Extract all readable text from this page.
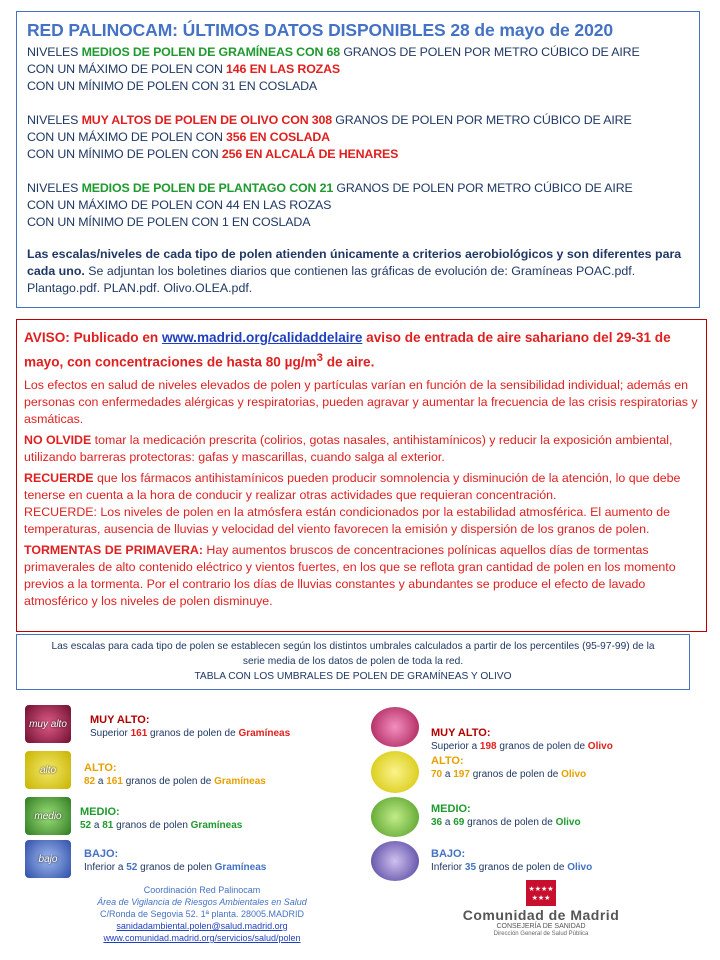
RED PALINOCAM: ÚLTIMOS DATOS DISPONIBLES 28 de mayo de 2020
NIVELES MEDIOS DE POLEN DE GRAMÍNEAS CON 68 GRANOS DE POLEN POR METRO CÚBICO DE AIRE
CON UN MÁXIMO DE POLEN CON 146 EN LAS ROZAS
CON UN MÍNIMO DE POLEN CON 31 EN COSLADA
NIVELES MUY ALTOS DE POLEN DE OLIVO CON 308 GRANOS DE POLEN POR METRO CÚBICO DE AIRE
CON UN MÁXIMO DE POLEN CON 356 EN COSLADA
CON UN MÍNIMO DE POLEN CON 256 EN ALCALÁ DE HENARES
NIVELES MEDIOS DE POLEN DE PLANTAGO CON 21 GRANOS DE POLEN POR METRO CÚBICO DE AIRE
CON UN MÁXIMO DE POLEN CON 44 EN LAS ROZAS
CON UN MÍNIMO DE POLEN CON 1 EN COSLADA
Las escalas/niveles de cada tipo de polen atienden únicamente a criterios aerobiológicos y son diferentes para cada uno. Se adjuntan los boletines diarios que contienen las gráficas de evolución de: Gramíneas POAC.pdf. Plantago.pdf. PLAN.pdf. Olivo.OLEA.pdf.
AVISO: Publicado en www.madrid.org/calidaddelaire aviso de entrada de aire sahariano del 29-31 de mayo, con concentraciones de hasta 80 $\mu g/m^3$ de aire.

Los efectos en salud de niveles elevados de polen y partículas varían en función de la sensibilidad individual; además en personas con enfermedades alérgicas y respiratorias, pueden agravar y aumentar la frecuencia de las crisis respiratorias y asmáticas.

NO OLVIDE tomar la medicación prescrita (colirios, gotas nasales, antihistamínicos) y reducir la exposición ambiental, utilizando barreras protectoras: gafas y mascarillas, cuando salga al exterior.

RECUERDE que los fármacos antihistamínicos pueden producir somnolencia y disminución de la atención, lo que debe tenerse en cuenta a la hora de conducir y realizar otras actividades que requieran concentración.

RECUERDE: Los niveles de polen en la atmósfera están condicionados por la estabilidad atmosférica. El aumento de temperaturas, ausencia de lluvias y velocidad del viento favorecen la emisión y dispersión de los granos de polen.

TORMENTAS DE PRIMAVERA: Hay aumentos bruscos de concentraciones polínicas aquellos días de tormentas primaverales de alto contenido eléctrico y vientos fuertes, en los que se reflota gran cantidad de polen en los momento previos a la tormenta. Por el contrario los días de lluvias constantes y abundantes se produce el efecto de lavado atmosférico y los niveles de polen disminuye.

Las escalas para cada tipo de polen se establecen según los distintos umbrales calculados a partir de los percentiles (95-97-99) de la serie media de los datos de polen de toda la red.
TABLA CON LOS UMBRALES DE POLEN DE GRAMÍNEAS Y OLIVO
muy alto	MUY ALTO:
Superior 161 granos de polen de Gramíneas
alto	ALTO:
82 a 161 granos de polen de Gramíneas
medio	MEDIO:
52 a 81 granos de polen Gramíneas
bajo	BAJO:
Inferior a 52 granos de polen Gramíneas
MUY ALTO:
Superior a 198 granos de polen de Olivo
ALTO:
70 a 197 granos de polen de Olivo
MEDIO:
36 a 69 granos de polen de Olivo
BAJO:
Inferior 35 granos de polen de Olivo
Coordinación Red Palinocam
Área de Vigilancia de Riesgos Ambientales en Salud
C/Ronda de Segovia 52. 1ª planta. 28005.MADRID
sanidadambiental.polen@salud.madrid.org
www.comunidad.madrid.org/servicios/salud/polen
★★★★
★★★
Comunidad de Madrid
CONSEJERÍA DE SANIDAD
Dirección General de Salud Pública
